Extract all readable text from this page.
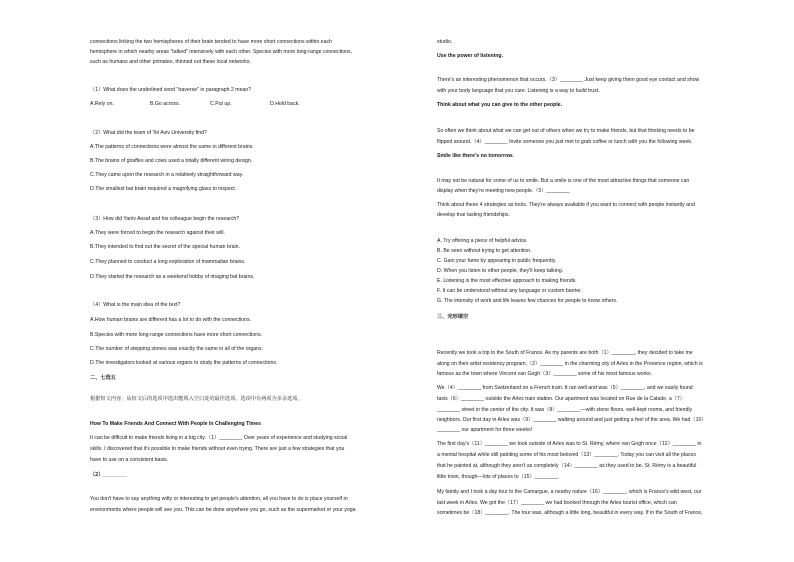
connections linking the two hemispheres of their brain tended to have more short connections within each
hemisphere in which nearby areas "talked" intensively with each other. Species with more long-range connections,
such as humans and other primates, thinned out these local networks.
（1）What does the underlined word "traverse" in paragraph 2 mean?
A.Rely on.	B.Go across.	C.Put up.	D.Hold back.
（2）What did the team of Tel Aviv University find?
A.The patterns of connections were almost the same in different brains.
B.The brains of giraffes and cows used a totally different wiring design.
C.They came upon the research in a relatively straightforward way.
D.The smallest bat brain required a magnifying glass to inspect.
（3）How did Yaniv Assaf and his colleague begin the research?
A.They were forced to begin the research against their will.
B.They intended to find out the secret of the special human brain.
C.They planned to conduct a long exploration of mammalian brains.
D.They started the research as a weekend hobby of imaging bat brains.
（4）What is the main idea of the text?
A.How human brains are different has a lot to do with the connections.
B.Species with more long-range connections have more short connections.
C.The number of stepping stones was exactly the same in all of the organs.
D.The investigators looked at various organs to study the patterns of connections.
二、七选五
根据短文内容，从短文后的选项中选出能填入空白处的最佳选项。选项中有两项为多余选项。
How To Make Friends And Connect With People In Challenging Times
It can be difficult to make friends living in a big city.（1）________ Over years of experience and studying social
skills, I discovered that it's possible to make friends without even trying. There are just a few strategies that you
have to use on a consistent basis.
（2）________
You don't have to say anything witty or interesting to get people's attention, all you have to do is place yourself in
environments where people will see you. This can be done anywhere you go, such as the supermarket or your yoga
studio.
Use the power of listening.
There's an interesting phenomenon that occurs.（3）________ Just keep giving them good eye contact and show
with your body language that you care. Listening is a way to build trust.
Think about what you can give to the other people.
So often we think about what we can get out of others when we try to make friends, but that thinking needs to be
flipped around.（4）________ Invite someone you just met to grab coffee or lunch with you the following week.
Smile like there's no tomorrow.
It may not be natural for some of us to smile. But a smile is one of the most attractive things that someone can
display when they're meeting new people.（5）________
Think about these 4 strategies as tools. They're always available if you want to connect with people instantly and
develop true lasting friendships.
A. Try offering a piece of helpful advice.
B. Be seen without trying to get attention.
C. Gain your fame by appearing in public frequently.
D. When you listen to other people, they'll keep talking.
E. Listening is the most effective approach to making friends.
F. It can be understood without any language or custom barrier.
G. The intensity of work and life leaves few chances for people to know others.
三、完形填空
Recently we took a trip to the South of France. As my parents are both（1）________, they decided to take me
along on their artist residency program,（2）________ in the charming city of Arles in the Provence region, which is
famous as the town where Vincent van Gogh（3）________ some of his most famous works.
We（4）________ from Switzerland on a French train. It ran well and was（5）________, and we easily found
taxis（6）________ outside the Arles train station. Our apartment was located on Rue de la Calade, a（7）
________ street in the center of the city. It was（8）________—with stone floors, well-kept rooms, and friendly
neighbors. Our first day in Arles was（9）________ walking around and just getting a feel of the area. We had（10）
________ our apartment for three weeks!
The first day's（11）________ we took outside of Arles was to St. Rémy, where van Gogh once（12）________ in
a mental hospital while still painting some of his most beloved（13）________. Today you can visit all the places
that he painted at, although they aren't as completely（14）________ as they used to be. St. Rémy is a beautiful
little town, though—lots of places to（15）________.
My family and I took a day tour to the Camargue, a nearby nature（16）________, which is France's wild west, our
last week in Arles. We got the（17）________ we had booked through the Arles tourist office, which can
sometimes be（18）________. The tour was, although a little long, beautiful in every way. If in the South of France,
